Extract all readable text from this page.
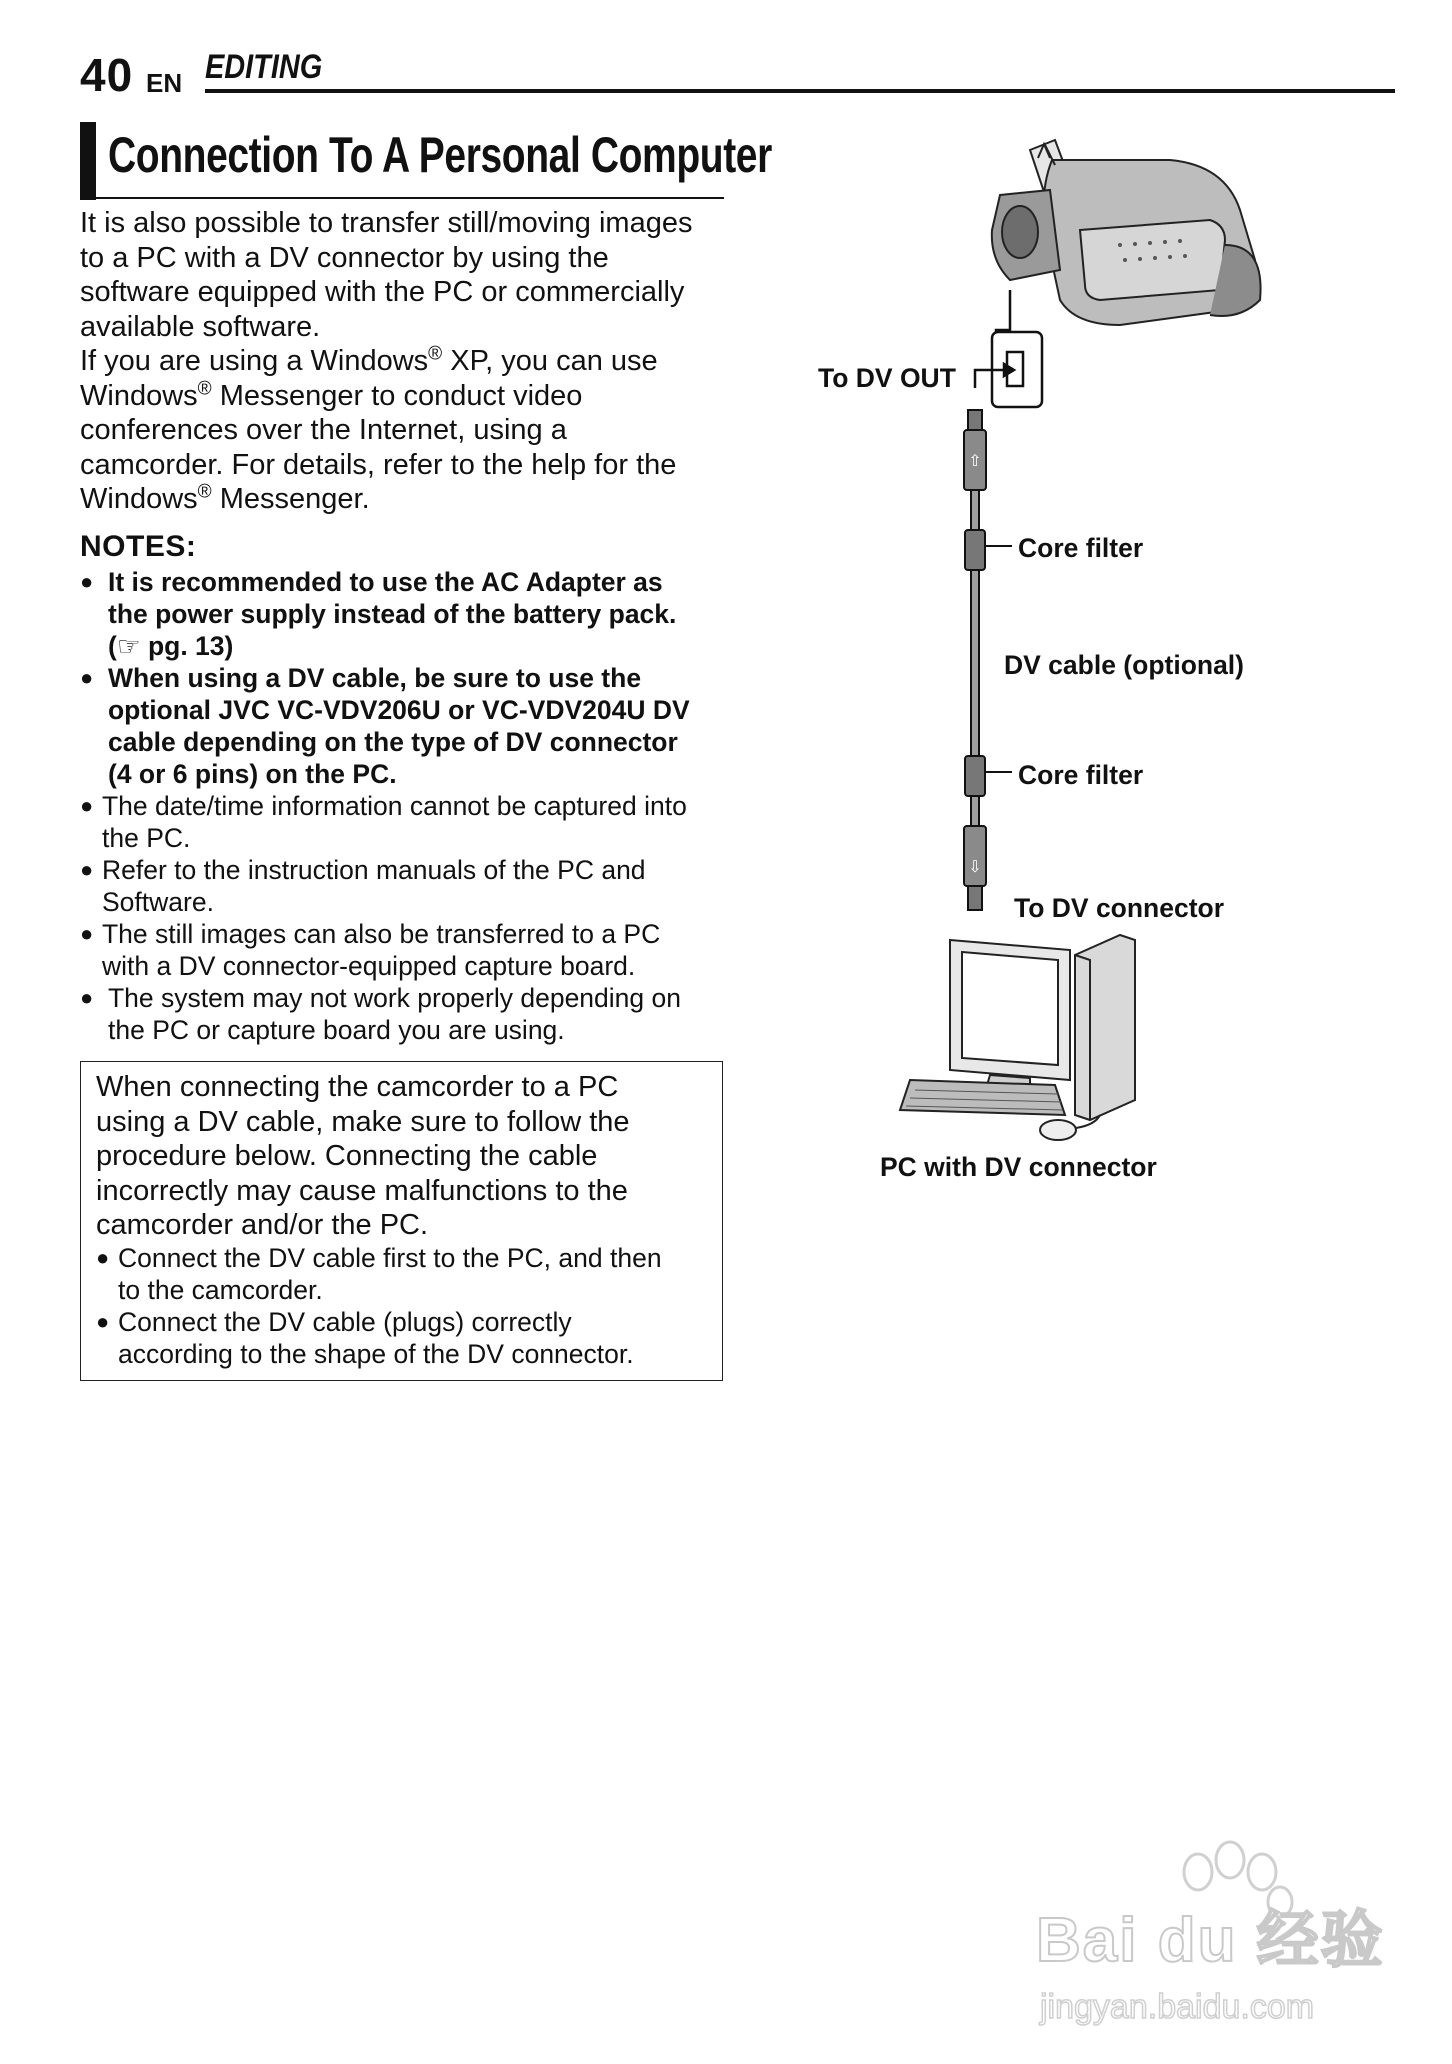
40 EN EDITING
Connection To A Personal Computer
It is also possible to transfer still/moving images
to a PC with a DV connector by using the
software equipped with the PC or commercially
available software.
If you are using a Windows® XP, you can use
Windows® Messenger to conduct video
conferences over the Internet, using a
camcorder. For details, refer to the help for the
Windows® Messenger.
NOTES:
● It is recommended to use the AC Adapter as
the power supply instead of the battery pack.
(☞ pg. 13)
● When using a DV cable, be sure to use the
optional JVC VC-VDV206U or VC-VDV204U DV
cable depending on the type of DV connector
(4 or 6 pins) on the PC.
● The date/time information cannot be captured into
the PC.
● Refer to the instruction manuals of the PC and
Software.
● The still images can also be transferred to a PC
with a DV connector-equipped capture board.
● The system may not work properly depending on
the PC or capture board you are using.
When connecting the camcorder to a PC
using a DV cable, make sure to follow the
procedure below. Connecting the cable
incorrectly may cause malfunctions to the
camcorder and/or the PC.
● Connect the DV cable first to the PC, and then
to the camcorder.
● Connect the DV cable (plugs) correctly
according to the shape of the DV connector.
⇧
⇩
To DV OUT
Core filter
DV cable (optional)
Core filter
To DV connector
PC with DV connector
Bai du 经验
jingyan.baidu.com
